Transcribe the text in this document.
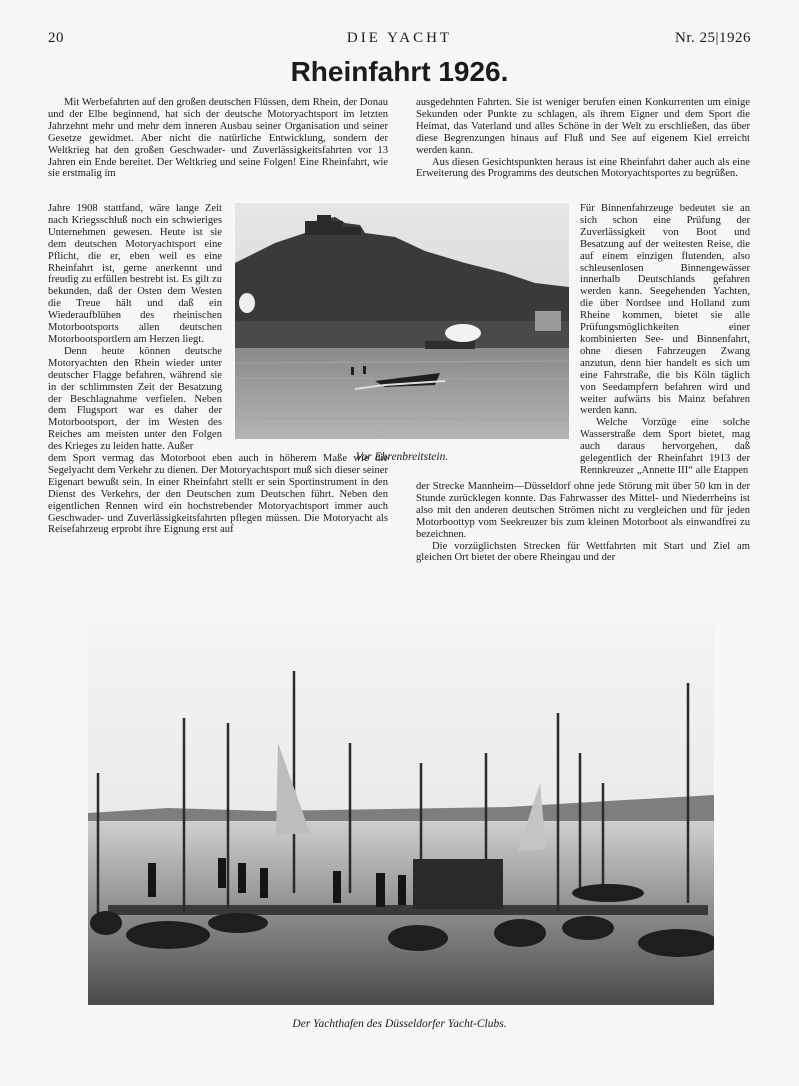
20	DIE YACHT	Nr. 25|1926
Rheinfahrt 1926.

Mit Werbefahrten auf den großen deutschen Flüssen, dem Rhein, der Donau und der Elbe beginnend, hat sich der deutsche Motoryachtsport im letzten Jahrzehnt mehr und mehr dem inneren Ausbau seiner Organisation und seiner Gesetze gewidmet. Aber nicht die natürliche Entwicklung, sondern der Weltkrieg hat den großen Geschwader- und Zuverlässigkeitsfahrten vor 13 Jahren ein Ende bereitet. Der Weltkrieg und seine Folgen! Eine Rheinfahrt, wie sie erstmalig im

Jahre 1908 stattfand, wäre lange Zeit nach Kriegsschluß noch ein schwieriges Unternehmen gewesen. Heute ist sie dem deutschen Motoryachtsport eine Pflicht, die er, eben weil es eine Rheinfahrt ist, gerne anerkennt und freudig zu erfüllen bestrebt ist. Es gilt zu bekunden, daß der Osten dem Westen die Treue hält und daß ein Wiederaufblühen des rheinischen Motorbootsports allen deutschen Motorbootsportlern am Herzen liegt.

Denn heute können deutsche Motoryachten den Rhein wieder unter deutscher Flagge befahren, während sie in der schlimmsten Zeit der Besatzung der Beschlagnahme verfielen. Neben dem Flugsport war es daher der Motorbootsport, der im Westen des Reiches am meisten unter den Folgen des Krieges zu leiden hatte. Außer

dem Sport vermag das Motorboot eben auch in höherem Maße wie die Segelyacht dem Verkehr zu dienen. Der Motoryachtsport muß sich dieser seiner Eigenart bewußt sein. In einer Rheinfahrt stellt er sein Sportinstrument in den Dienst des Verkehrs, der den Deutschen zum Deutschen führt. Neben den eigentlichen Rennen wird ein hochstrebender Motoryachtsport immer auch Geschwader- und Zuverlässigkeitsfahrten pflegen müssen. Die Motoryacht als Reisefahrzeug erprobt ihre Eignung erst auf

ausgedehnten Fahrten. Sie ist weniger berufen einen Konkurrenten um einige Sekunden oder Punkte zu schlagen, als ihrem Eigner und dem Sport die Heimat, das Vaterland und alles Schöne in der Welt zu erschließen, das über diese Begrenzungen hinaus auf Fluß und See auf eigenem Kiel erreicht werden kann.

Aus diesen Gesichtspunkten heraus ist eine Rheinfahrt daher auch als eine Erweiterung des Programms des deutschen Motoryachtsportes zu begrüßen.

Für Binnenfahrzeuge bedeutet sie an sich schon eine Prüfung der Zuverlässigkeit von Boot und Besatzung auf der weitesten Reise, die auf einem einzigen flutenden, also schleusenlosen Binnengewässer innerhalb Deutschlands gefahren werden kann. Seegehenden Yachten, die über Nordsee und Holland zum Rheine kommen, bietet sie alle Prüfungsmöglichkeiten einer kombinierten See- und Binnenfahrt, ohne diesen Fahrzeugen Zwang anzutun, denn hier handelt es sich um eine Fahrstraße, die bis Köln täglich von Seedampfern befahren wird und weiter aufwärts bis Mainz befahren werden kann.

Welche Vorzüge eine solche Wasserstraße dem Sport bietet, mag auch daraus hervorgehen, daß gelegentlich der Rheinfahrt 1913 der Rennkreuzer „Annette III“ alle Etappen

der Strecke Mannheim—Düsseldorf ohne jede Störung mit über 50 km in der Stunde zurücklegen konnte. Das Fahrwasser des Mittel- und Niederrheins ist also mit den anderen deutschen Strömen nicht zu vergleichen und für jeden Motorboottyp vom Seekreuzer bis zum kleinen Motorboot als einwandfrei zu bezeichnen.

Die vorzüglichsten Strecken für Wettfahrten mit Start und Ziel am gleichen Ort bietet der obere Rheingau und der

Vor Ehrenbreitstein.
Der Yachthafen des Düsseldorfer Yacht-Clubs.
